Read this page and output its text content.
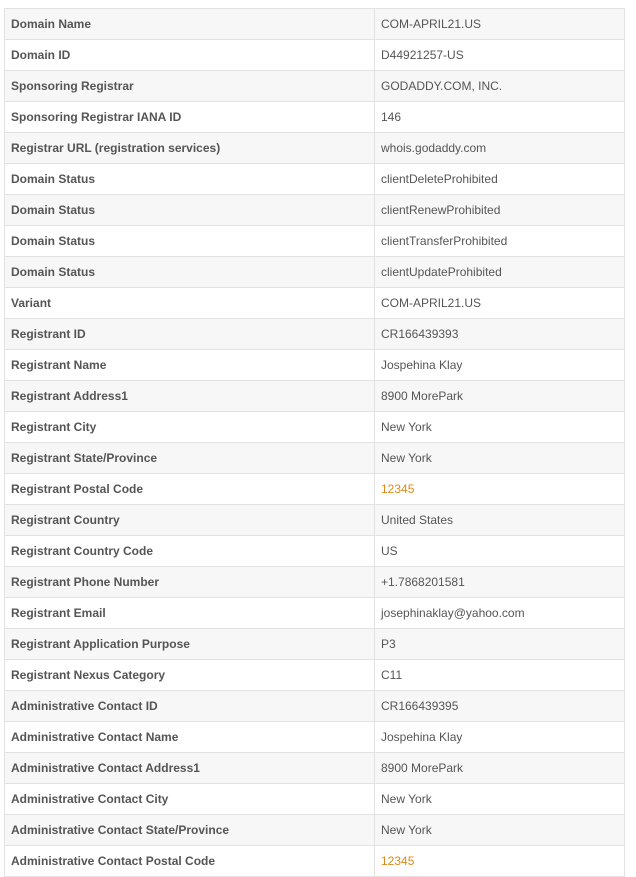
Domain Name	COM-APRIL21.US
Domain ID	D44921257-US
Sponsoring Registrar	GODADDY.COM, INC.
Sponsoring Registrar IANA ID	146
Registrar URL (registration services)	whois.godaddy.com
Domain Status	clientDeleteProhibited
Domain Status	clientRenewProhibited
Domain Status	clientTransferProhibited
Domain Status	clientUpdateProhibited
Variant	COM-APRIL21.US
Registrant ID	CR166439393
Registrant Name	Jospehina Klay
Registrant Address1	8900 MorePark
Registrant City	New York
Registrant State/Province	New York
Registrant Postal Code	12345
Registrant Country	United States
Registrant Country Code	US
Registrant Phone Number	+1.7868201581
Registrant Email	josephinaklay@yahoo.com
Registrant Application Purpose	P3
Registrant Nexus Category	C11
Administrative Contact ID	CR166439395
Administrative Contact Name	Jospehina Klay
Administrative Contact Address1	8900 MorePark
Administrative Contact City	New York
Administrative Contact State/Province	New York
Administrative Contact Postal Code	12345
